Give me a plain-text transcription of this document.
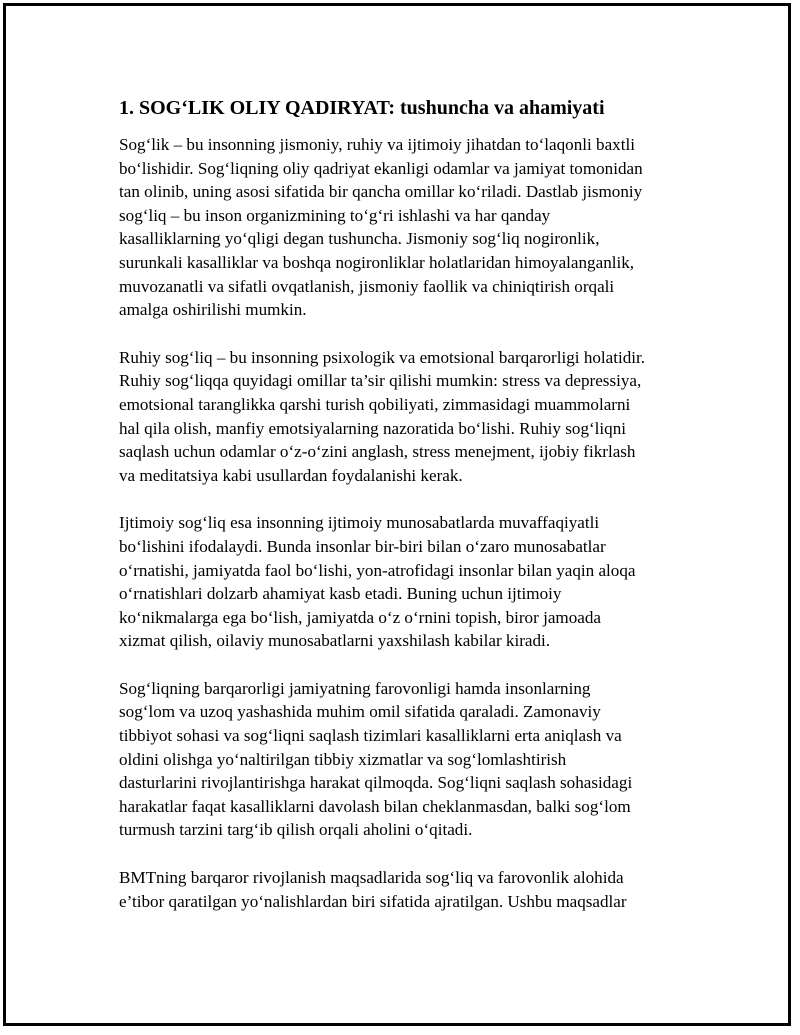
1. SOG‘LIK OLIY QADIRYAT: tushuncha va ahamiyati

Sog‘lik – bu insonning jismoniy, ruhiy va ijtimoiy jihatdan to‘laqonli baxtli
bo‘lishidir. Sog‘liqning oliy qadriyat ekanligi odamlar va jamiyat tomonidan
tan olinib, uning asosi sifatida bir qancha omillar ko‘riladi. Dastlab jismoniy
sog‘liq – bu inson organizmining to‘g‘ri ishlashi va har qanday
kasalliklarning yo‘qligi degan tushuncha. Jismoniy sog‘liq nogironlik,
surunkali kasalliklar va boshqa nogironliklar holatlaridan himoyalanganlik,
muvozanatli va sifatli ovqatlanish, jismoniy faollik va chiniqtirish orqali
amalga oshirilishi mumkin.

Ruhiy sog‘liq – bu insonning psixologik va emotsional barqarorligi holatidir.
Ruhiy sog‘liqqa quyidagi omillar ta’sir qilishi mumkin: stress va depressiya,
emotsional taranglikka qarshi turish qobiliyati, zimmasidagi muammolarni
hal qila olish, manfiy emotsiyalarning nazoratida bo‘lishi. Ruhiy sog‘liqni
saqlash uchun odamlar o‘z-o‘zini anglash, stress menejment, ijobiy fikrlash
va meditatsiya kabi usullardan foydalanishi kerak.

Ijtimoiy sog‘liq esa insonning ijtimoiy munosabatlarda muvaffaqiyatli
bo‘lishini ifodalaydi. Bunda insonlar bir-biri bilan o‘zaro munosabatlar
o‘rnatishi, jamiyatda faol bo‘lishi, yon-atrofidagi insonlar bilan yaqin aloqa
o‘rnatishlari dolzarb ahamiyat kasb etadi. Buning uchun ijtimoiy
ko‘nikmalarga ega bo‘lish, jamiyatda o‘z o‘rnini topish, biror jamoada
xizmat qilish, oilaviy munosabatlarni yaxshilash kabilar kiradi.

Sog‘liqning barqarorligi jamiyatning farovonligi hamda insonlarning
sog‘lom va uzoq yashashida muhim omil sifatida qaraladi. Zamonaviy
tibbiyot sohasi va sog‘liqni saqlash tizimlari kasalliklarni erta aniqlash va
oldini olishga yo‘naltirilgan tibbiy xizmatlar va sog‘lomlashtirish
dasturlarini rivojlantirishga harakat qilmoqda. Sog‘liqni saqlash sohasidagi
harakatlar faqat kasalliklarni davolash bilan cheklanmasdan, balki sog‘lom
turmush tarzini targ‘ib qilish orqali aholini o‘qitadi.

BMTning barqaror rivojlanish maqsadlarida sog‘liq va farovonlik alohida
e’tibor qaratilgan yo‘nalishlardan biri sifatida ajratilgan. Ushbu maqsadlar
